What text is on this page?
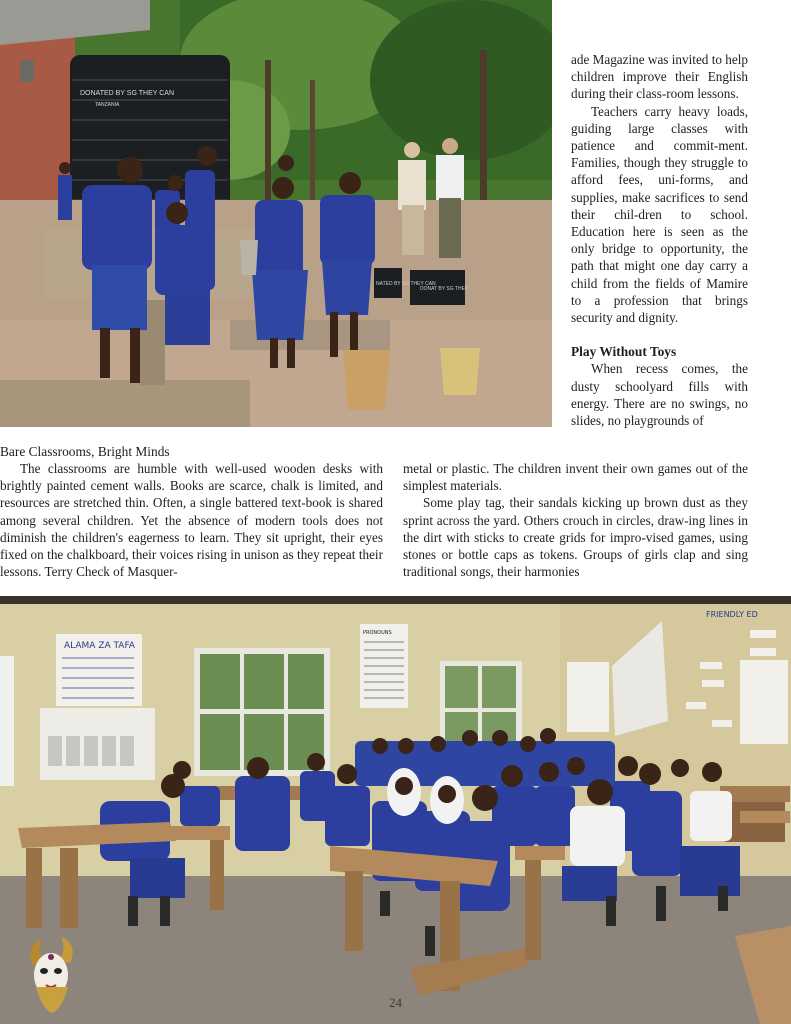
DONATED BY SG THEY CAN
TANZANIA
NATED BY SG THEY CAN
DONAT BY SG THEY

ade Magazine was invited to help children improve their English during their class-room lessons.

Teachers carry heavy loads, guiding large classes with patience and commit-ment. Families, though they struggle to afford fees, uni-forms, and supplies, make sacrifices to send their chil-dren to school. Education here is seen as the only bridge to opportunity, the path that might one day carry a child from the fields of Mamire to a profession that brings security and dignity.

Play Without Toys

When recess comes, the dusty schoolyard fills with energy. There are no swings, no slides, no playgrounds of

Bare Classrooms, Bright Minds

The classrooms are humble with well-used wooden desks with brightly painted cement walls. Books are scarce, chalk is limited, and resources are stretched thin. Often, a single battered text-book is shared among several children. Yet the absence of modern tools does not diminish the children's eagerness to learn. They sit upright, their eyes fixed on the chalkboard, their voices rising in unison as they repeat their lessons. Terry Check of Masquer-

metal or plastic. The children invent their own games out of the simplest materials.

Some play tag, their sandals kicking up brown dust as they sprint across the yard. Others crouch in circles, draw-ing lines in the dirt with sticks to create grids for impro-vised games, using stones or bottle caps as tokens. Groups of girls clap and sing traditional songs, their harmonies

ALAMA ZA TAFA
PRONOUNS
FRIENDLY ED
24
